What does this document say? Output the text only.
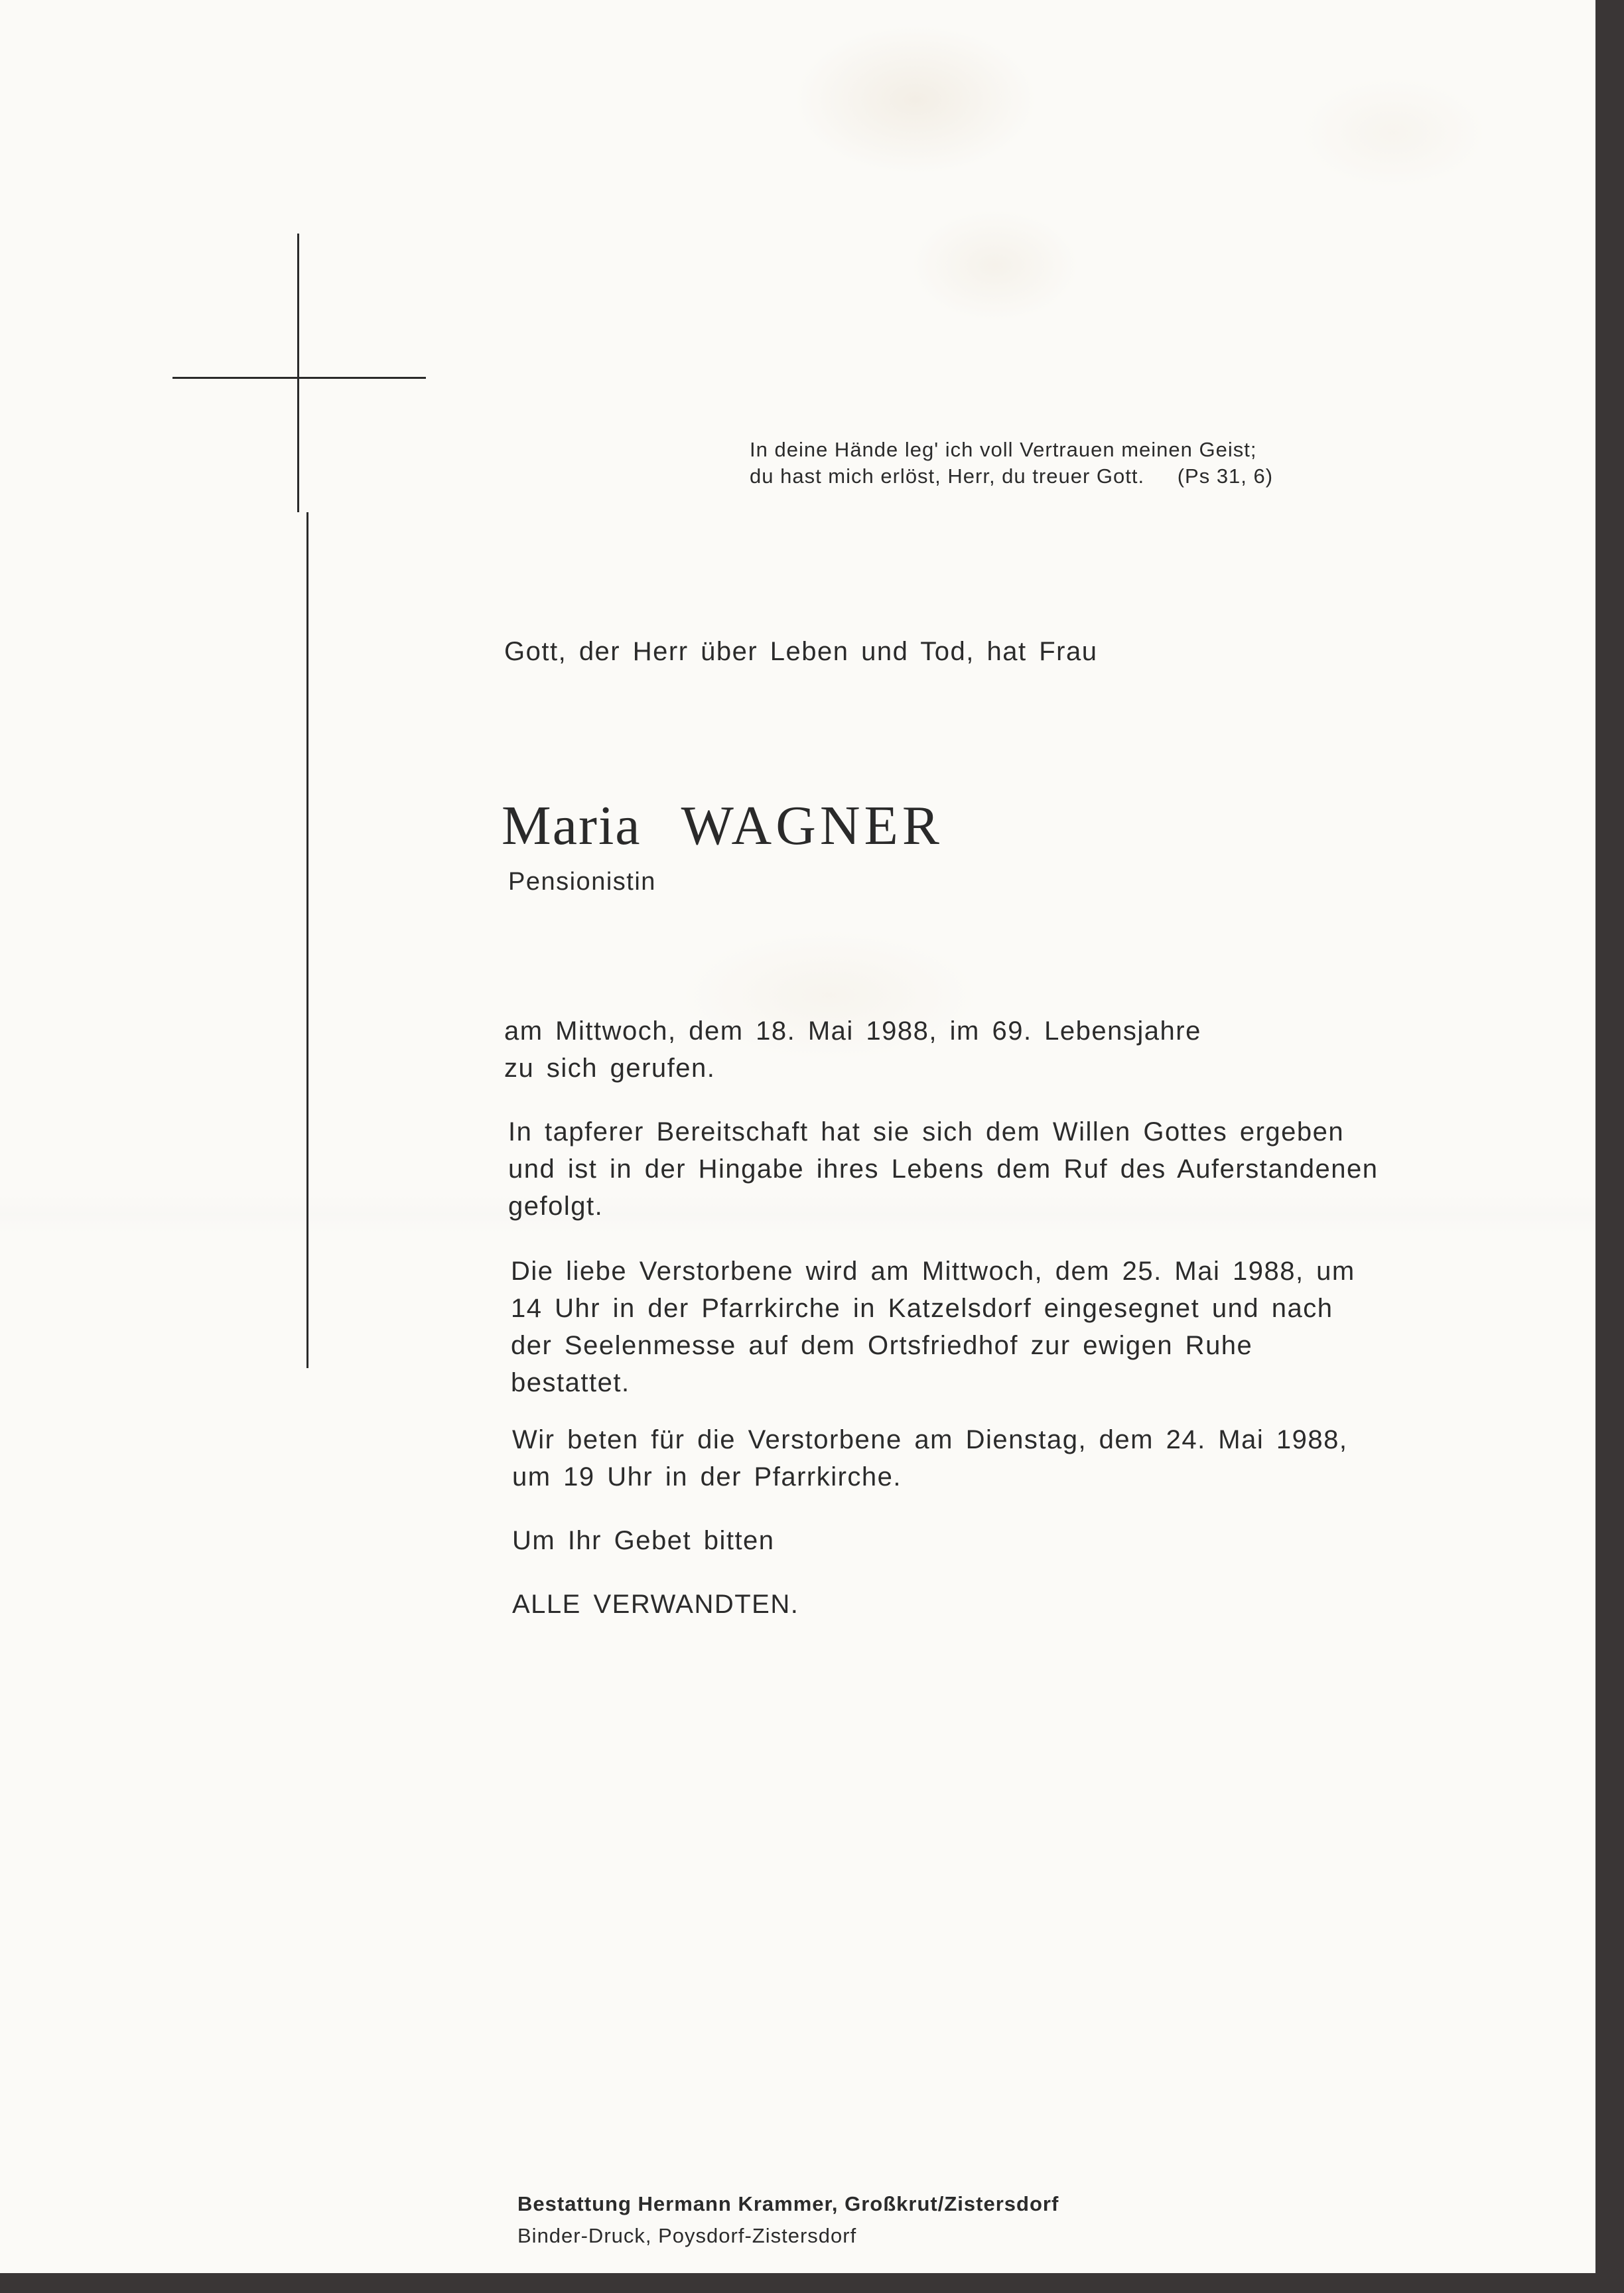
In deine Hände leg' ich voll Vertrauen meinen Geist;
du hast mich erlöst, Herr, du treuer Gott. (Ps 31, 6)
Gott, der Herr über Leben und Tod, hat Frau
Maria WAGNER
Pensionistin
am Mittwoch, dem 18. Mai 1988, im 69. Lebensjahre
zu sich gerufen.
In tapferer Bereitschaft hat sie sich dem Willen Gottes ergeben
und ist in der Hingabe ihres Lebens dem Ruf des Auferstandenen
gefolgt.
Die liebe Verstorbene wird am Mittwoch, dem 25. Mai 1988, um
14 Uhr in der Pfarrkirche in Katzelsdorf eingesegnet und nach
der Seelenmesse auf dem Ortsfriedhof zur ewigen Ruhe
bestattet.
Wir beten für die Verstorbene am Dienstag, dem 24. Mai 1988,
um 19 Uhr in der Pfarrkirche.
Um Ihr Gebet bitten
ALLE VERWANDTEN.
Bestattung Hermann Krammer, Großkrut/Zistersdorf
Binder-Druck, Poysdorf-Zistersdorf
